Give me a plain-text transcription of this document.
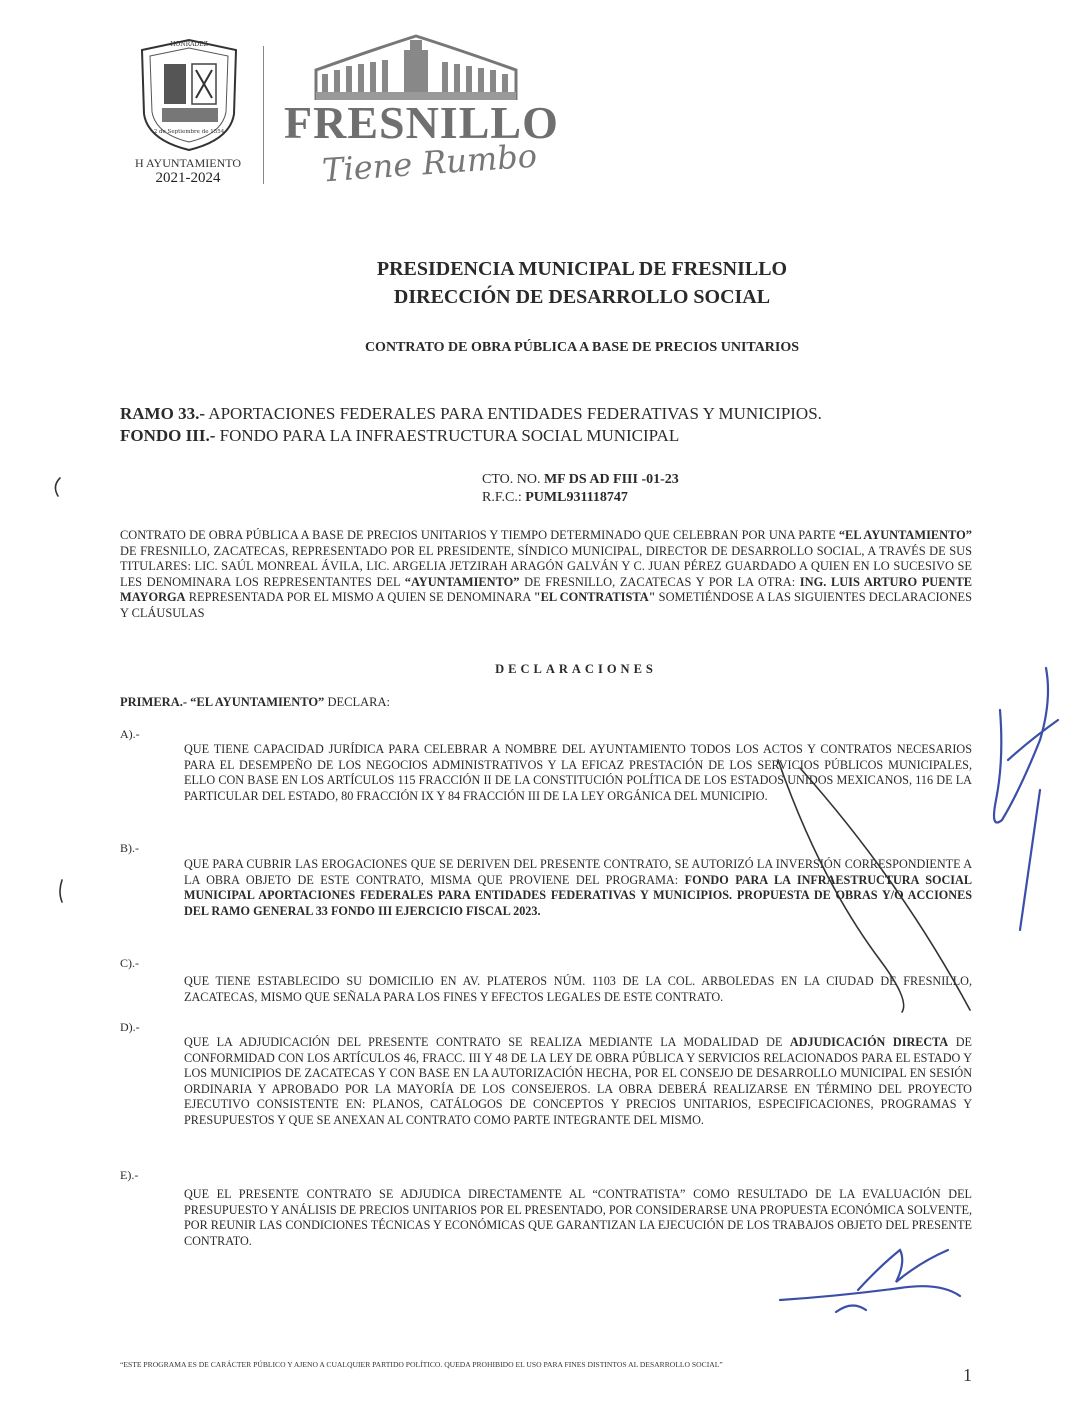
2 de Septiembre de 1554
HONRADEZ
H AYUNTAMIENTO
2021-2024
FRESNILLO
Tiene Rumbo
PRESIDENCIA MUNICIPAL DE FRESNILLO
DIRECCIÓN DE DESARROLLO SOCIAL
CONTRATO DE OBRA PÚBLICA A BASE DE PRECIOS UNITARIOS
RAMO 33.- APORTACIONES FEDERALES PARA ENTIDADES FEDERATIVAS Y MUNICIPIOS.
FONDO III.- FONDO PARA LA INFRAESTRUCTURA SOCIAL MUNICIPAL
CTO. NO. MF DS AD FIII -01-23
R.F.C.: PUML931118747
CONTRATO DE OBRA PÚBLICA A BASE DE PRECIOS UNITARIOS Y TIEMPO DETERMINADO QUE CELEBRAN POR UNA PARTE “EL AYUNTAMIENTO” DE FRESNILLO, ZACATECAS, REPRESENTADO POR EL PRESIDENTE, SÍNDICO MUNICIPAL, DIRECTOR DE DESARROLLO SOCIAL, A TRAVÉS DE SUS TITULARES: LIC. SAÚL MONREAL ÁVILA, LIC. ARGELIA JETZIRAH ARAGÓN GALVÁN Y C. JUAN PÉREZ GUARDADO A QUIEN EN LO SUCESIVO SE LES DENOMINARA LOS REPRESENTANTES DEL “AYUNTAMIENTO” DE FRESNILLO, ZACATECAS Y POR LA OTRA: ING. LUIS ARTURO PUENTE MAYORGA REPRESENTADA POR EL MISMO A QUIEN SE DENOMINARA "EL CONTRATISTA" SOMETIÉNDOSE A LAS SIGUIENTES DECLARACIONES Y CLÁUSULAS
DECLARACIONES
PRIMERA.- “EL AYUNTAMIENTO” DECLARA:
A).-
QUE TIENE CAPACIDAD JURÍDICA PARA CELEBRAR A NOMBRE DEL AYUNTAMIENTO TODOS LOS ACTOS Y CONTRATOS NECESARIOS PARA EL DESEMPEÑO DE LOS NEGOCIOS ADMINISTRATIVOS Y LA EFICAZ PRESTACIÓN DE LOS SERVICIOS PÚBLICOS MUNICIPALES, ELLO CON BASE EN LOS ARTÍCULOS 115 FRACCIÓN II DE LA CONSTITUCIÓN POLÍTICA DE LOS ESTADOS UNIDOS MEXICANOS, 116 DE LA PARTICULAR DEL ESTADO, 80 FRACCIÓN IX Y 84 FRACCIÓN III DE LA LEY ORGÁNICA DEL MUNICIPIO.
B).-
QUE PARA CUBRIR LAS EROGACIONES QUE SE DERIVEN DEL PRESENTE CONTRATO, SE AUTORIZÓ LA INVERSIÓN CORRESPONDIENTE A LA OBRA OBJETO DE ESTE CONTRATO, MISMA QUE PROVIENE DEL PROGRAMA: FONDO PARA LA INFRAESTRUCTURA SOCIAL MUNICIPAL APORTACIONES FEDERALES PARA ENTIDADES FEDERATIVAS Y MUNICIPIOS. PROPUESTA DE OBRAS Y/O ACCIONES DEL RAMO GENERAL 33 FONDO III EJERCICIO FISCAL 2023.
C).-
QUE TIENE ESTABLECIDO SU DOMICILIO EN AV. PLATEROS NÚM. 1103 DE LA COL. ARBOLEDAS EN LA CIUDAD DE FRESNILLO, ZACATECAS, MISMO QUE SEÑALA PARA LOS FINES Y EFECTOS LEGALES DE ESTE CONTRATO.
D).-
QUE LA ADJUDICACIÓN DEL PRESENTE CONTRATO SE REALIZA MEDIANTE LA MODALIDAD DE ADJUDICACIÓN DIRECTA DE CONFORMIDAD CON LOS ARTÍCULOS 46, FRACC. III Y 48 DE LA LEY DE OBRA PÚBLICA Y SERVICIOS RELACIONADOS PARA EL ESTADO Y LOS MUNICIPIOS DE ZACATECAS Y CON BASE EN LA AUTORIZACIÓN HECHA, POR EL CONSEJO DE DESARROLLO MUNICIPAL EN SESIÓN ORDINARIA Y APROBADO POR LA MAYORÍA DE LOS CONSEJEROS. LA OBRA DEBERÁ REALIZARSE EN TÉRMINO DEL PROYECTO EJECUTIVO CONSISTENTE EN: PLANOS, CATÁLOGOS DE CONCEPTOS Y PRECIOS UNITARIOS, ESPECIFICACIONES, PROGRAMAS Y PRESUPUESTOS Y QUE SE ANEXAN AL CONTRATO COMO PARTE INTEGRANTE DEL MISMO.
E).-
QUE EL PRESENTE CONTRATO SE ADJUDICA DIRECTAMENTE AL “CONTRATISTA” COMO RESULTADO DE LA EVALUACIÓN DEL PRESUPUESTO Y ANÁLISIS DE PRECIOS UNITARIOS POR EL PRESENTADO, POR CONSIDERARSE UNA PROPUESTA ECONÓMICA SOLVENTE, POR REUNIR LAS CONDICIONES TÉCNICAS Y ECONÓMICAS QUE GARANTIZAN LA EJECUCIÓN DE LOS TRABAJOS OBJETO DEL PRESENTE CONTRATO.
“ESTE PROGRAMA ES DE CARÁCTER PÚBLICO Y AJENO A CUALQUIER PARTIDO POLÍTICO. QUEDA PROHIBIDO EL USO PARA FINES DISTINTOS AL DESARROLLO SOCIAL”
1
